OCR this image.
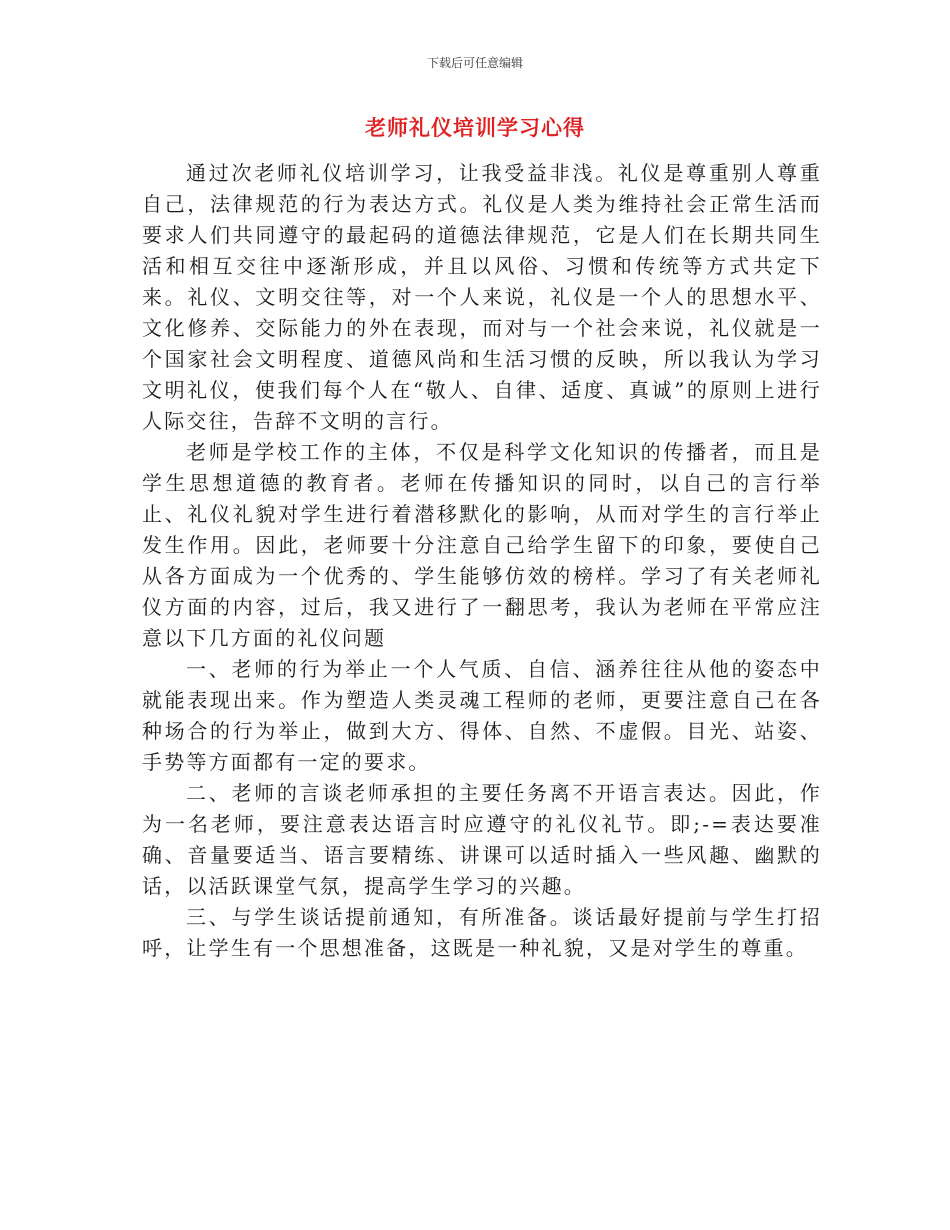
下载后可任意编辑
老师礼仪培训学习心得

通过次老师礼仪培训学习，让我受益非浅。礼仪是尊重别人尊重自己，法律规范的行为表达方式。礼仪是人类为维持社会正常生活而要求人们共同遵守的最起码的道德法律规范，它是人们在长期共同生活和相互交往中逐渐形成，并且以风俗、习惯和传统等方式共定下来。礼仪、文明交往等，对一个人来说，礼仪是一个人的思想水平、文化修养、交际能力的外在表现，而对与一个社会来说，礼仪就是一个国家社会文明程度、道德风尚和生活习惯的反映，所以我认为学习文明礼仪，使我们每个人在“敬人、自律、适度、真诚”的原则上进行人际交往，告辞不文明的言行。

老师是学校工作的主体，不仅是科学文化知识的传播者，而且是学生思想道德的教育者。老师在传播知识的同时，以自己的言行举止、礼仪礼貌对学生进行着潜移默化的影响，从而对学生的言行举止发生作用。因此，老师要十分注意自己给学生留下的印象，要使自己从各方面成为一个优秀的、学生能够仿效的榜样。学习了有关老师礼仪方面的内容，过后，我又进行了一翻思考，我认为老师在平常应注意以下几方面的礼仪问题

一、老师的行为举止一个人气质、自信、涵养往往从他的姿态中就能表现出来。作为塑造人类灵魂工程师的老师，更要注意自己在各种场合的行为举止，做到大方、得体、自然、不虚假。目光、站姿、手势等方面都有一定的要求。

二、老师的言谈老师承担的主要任务离不开语言表达。因此，作为一名老师，要注意表达语言时应遵守的礼仪礼节。即;-=表达要准确、音量要适当、语言要精练、讲课可以适时插入一些风趣、幽默的话，以活跃课堂气氛，提高学生学习的兴趣。

三、与学生谈话提前通知，有所准备。谈话最好提前与学生打招呼，让学生有一个思想准备，这既是一种礼貌，又是对学生的尊重。
